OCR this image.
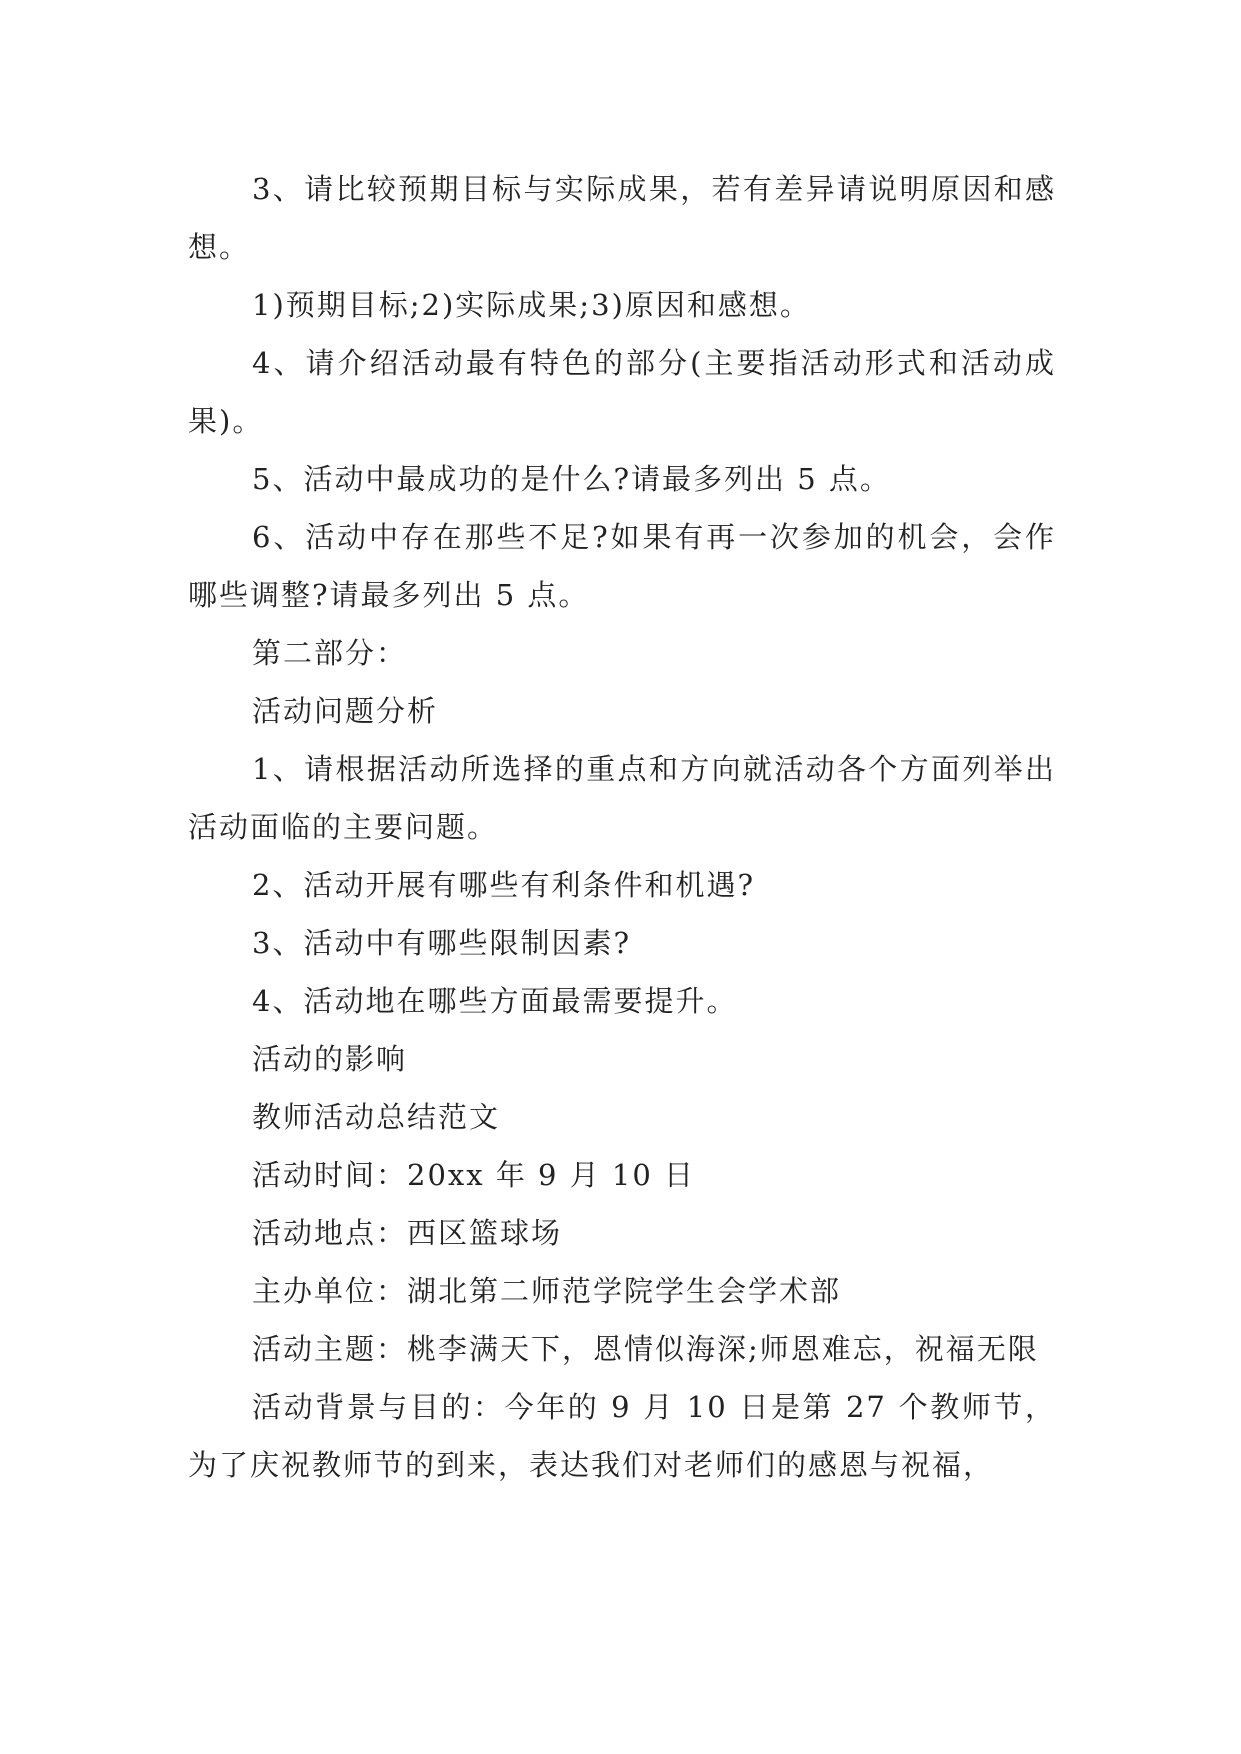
3、请比较预期目标与实际成果，若有差异请说明原因和感想。

1)预期目标;2)实际成果;3)原因和感想。

4、请介绍活动最有特色的部分(主要指活动形式和活动成果)。

5、活动中最成功的是什么?请最多列出 5 点。

6、活动中存在那些不足?如果有再一次参加的机会，会作哪些调整?请最多列出 5 点。

第二部分：

活动问题分析

1、请根据活动所选择的重点和方向就活动各个方面列举出活动面临的主要问题。

2、活动开展有哪些有利条件和机遇?

3、活动中有哪些限制因素?

4、活动地在哪些方面最需要提升。

活动的影响

教师活动总结范文

活动时间：20xx 年 9 月 10 日

活动地点：西区篮球场

主办单位：湖北第二师范学院学生会学术部

活动主题：桃李满天下，恩情似海深;师恩难忘，祝福无限

活动背景与目的：今年的 9 月 10 日是第 27 个教师节，为了庆祝教师节的到来，表达我们对老师们的感恩与祝福，
